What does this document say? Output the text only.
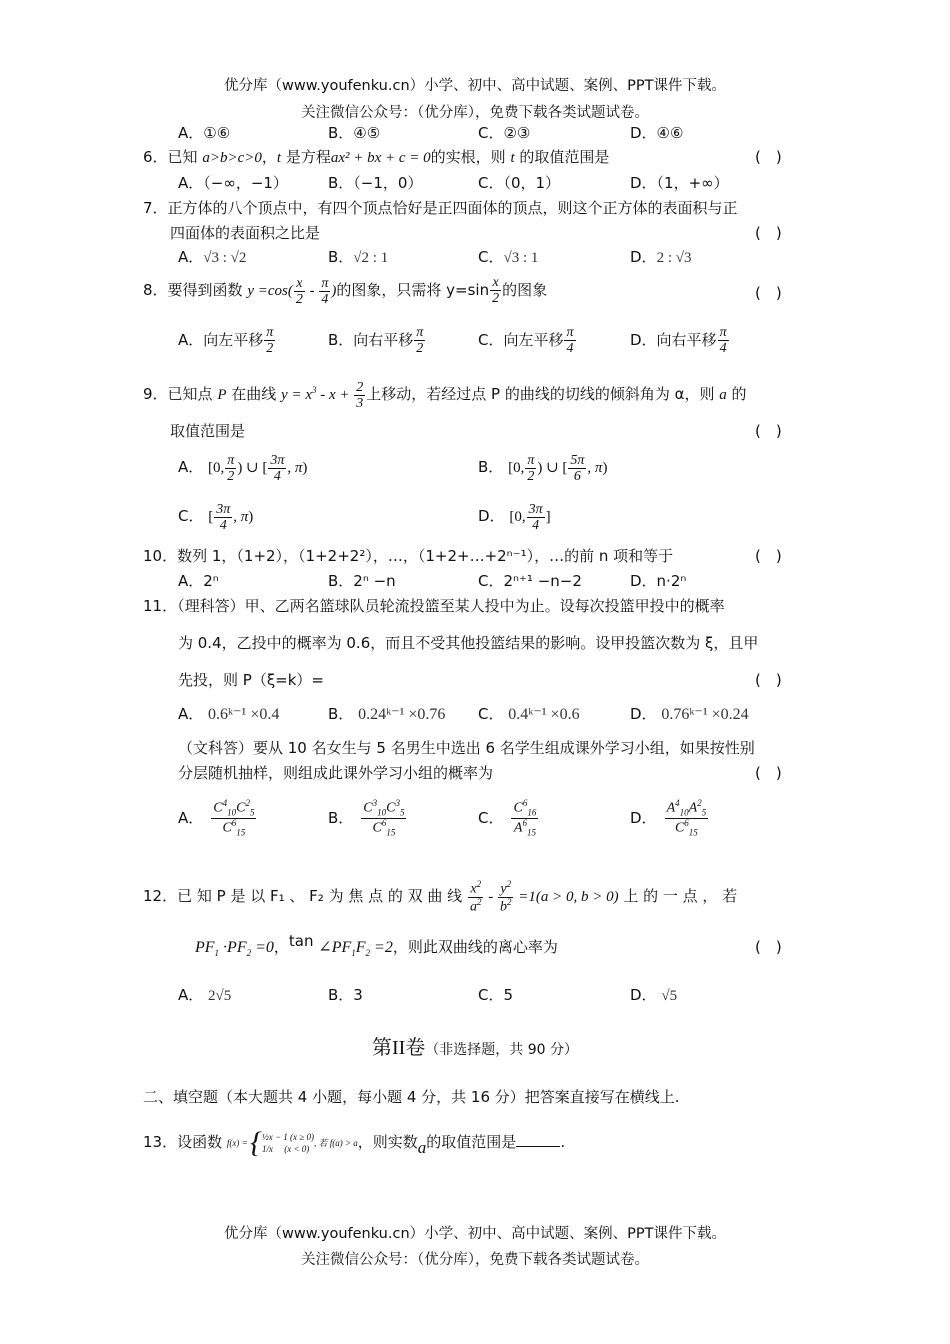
优分库（www.youfenku.cn）小学、初中、高中试题、案例、PPT课件下载。
关注微信公众号：（优分库），免费下载各类试题试卷。
A．①⑥	B．④⑤	C．②③	D．④⑥
6．已知 a>b>c>0，t 是方程ax² + bx + c = 0的实根，则 t 的取值范围是	(　)
A．（−∞，−1）	B．（−1，0）	C．（0，1）	D．（1，+∞）
7．正方体的八个顶点中，有四个顶点恰好是正四面体的顶点，则这个正方体的表面积与正
四面体的表面积之比是	(　)
A．√3 : √2	B．√2 : 1	C．√3 : 1	D．2 : √3
8．要得到函数 $y =\cos( \frac{x}{2} - \frac{\pi}{4}$ )的图象，只需将 $y=\sin \frac{x}{2}$ 的图象	(　)
A．向左平移 $\frac{\pi}{2}$	B．向右平移 $\frac{\pi}{2}$	C．向左平移 $\frac{\pi}{4}$	D．向右平移 $\frac{\pi}{4}$
9．已知点 P 在曲线 $y = x^3 - x + \frac{2}{3}$ 上移动，若经过点 P 的曲线的切线的倾斜角为 α，则 a 的
取值范围是	(　)
A． [0, $\frac{\pi}{2}$ ) ∪ [ $\frac{3\pi}{4}$ , π)	B． [0, $\frac{\pi}{2}$ ) ∪ [ $\frac{5\pi}{6}$ , π)
C． [ $\frac{3\pi}{4}$ , π)	D． [0, $\frac{3\pi}{4}$ ]
10．数列 1，（1+2），（1+2+2²），…，（1+2+…+2ⁿ⁻¹），…的前 n 项和等于	(　)
A．2ⁿ	B．2ⁿ −n	C．2ⁿ⁺¹ −n−2	D．n·2ⁿ
11．（理科答）甲、乙两名篮球队员轮流投篮至某人投中为止。设每次投篮甲投中的概率
为 0.4，乙投中的概率为 0.6，而且不受其他投篮结果的影响。设甲投篮次数为 ξ，且甲
先投，则 P（ξ=k）=	(　)
A． 0.6ᵏ⁻¹ ×0.4	B． 0.24ᵏ⁻¹ ×0.76 C． 0.4ᵏ⁻¹ ×0.6	D． 0.76ᵏ⁻¹ ×0.24
（文科答）要从 10 名女生与 5 名男生中选出 6 名学生组成课外学习小组，如果按性别
分层随机抽样，则组成此课外学习小组的概率为	(　)
A． $\frac{C^4_{10}C^2_5}{C^6_{15}}$	B． $\frac{C^3_{10}C^3_5}{C^6_{15}}$	C． $\frac{C^6_{16}}{A^6_{15}}$	D． $\frac{A^4_{10}A^2_5}{C^6_{15}}$
12．已 知 P 是 以 F₁ 、 F₂ 为 焦 点 的 双 曲 线 $\frac{x^2}{a^2} - \frac{y^2}{b^2} =1(a > 0$, b > 0) 上 的 一 点 ， 若
$PF_1 \cdot PF_2 =0$，$\tan \angle PF_1F_2 =2$，则此双曲线的离心率为	(　)
A． 2√5	B．3	C．5	D． √5
第II卷（非选择题，共 90 分）
二、填空题（本大题共 4 小题，每小题 4 分，共 16 分）把答案直接写在横线上.
13．设函数 f(x) = {½x − 1 (x ≥ 0)
1/x　 (x < 0), 若 f(a) > a，则实数a的取值范围是	.
优分库（www.youfenku.cn）小学、初中、高中试题、案例、PPT课件下载。
关注微信公众号：（优分库），免费下载各类试题试卷。
